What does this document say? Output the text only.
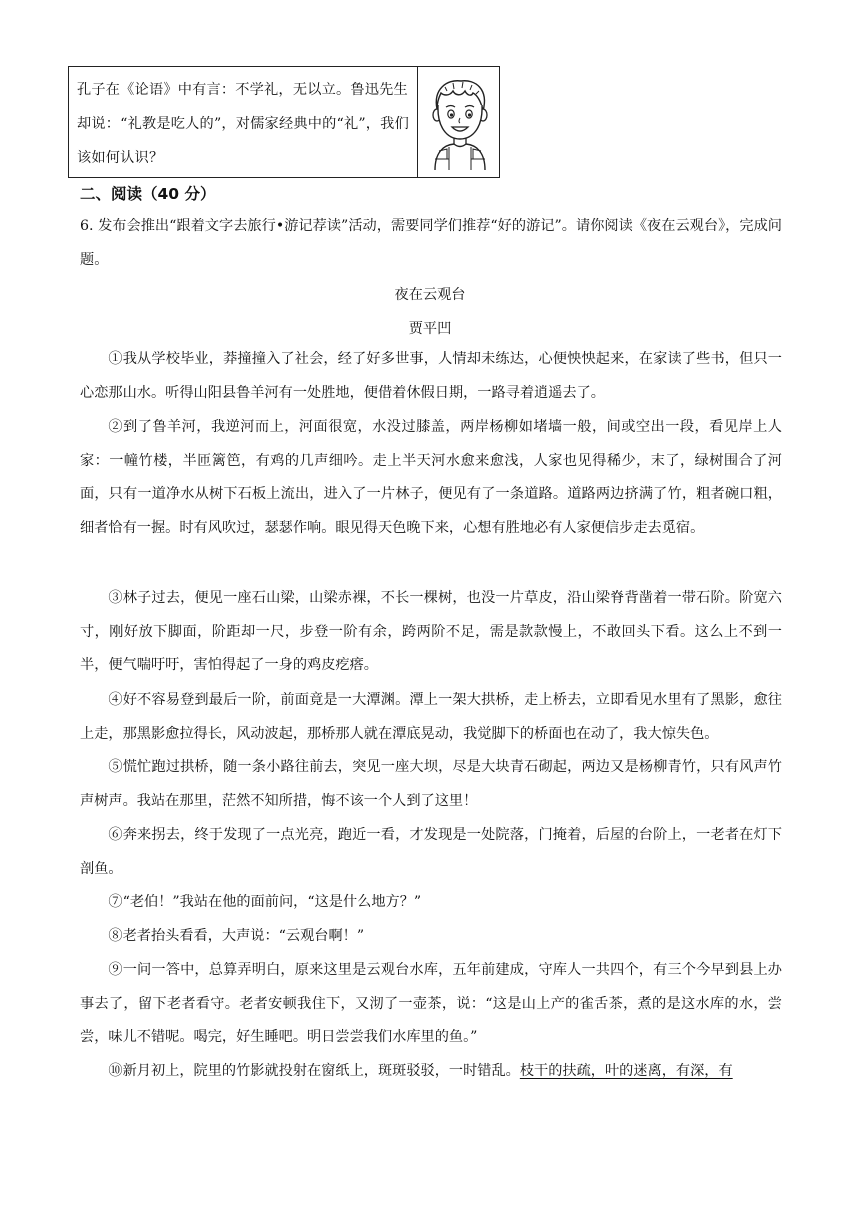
孔子在《论语》中有言：不学礼，无以立。鲁迅先生却说：“礼教是吃人的”，对儒家经典中的“礼”，我们该如何认识？
二、阅读（40 分）
6. 发布会推出“跟着文字去旅行•游记荐读”活动，需要同学们推荐“好的游记”。请你阅读《夜在云观台》，完成问题。
夜在云观台
贾平凹
①我从学校毕业，莽撞撞入了社会，经了好多世事，人情却未练达，心便怏怏起来，在家读了些书，但只一心恋那山水。听得山阳县鲁羊河有一处胜地，便借着休假日期，一路寻着逍遥去了。
②到了鲁羊河，我逆河而上，河面很宽，水没过膝盖，两岸杨柳如堵墙一般，间或空出一段，看见岸上人家：一幢竹楼，半匝篱笆，有鸡的几声细吟。走上半天河水愈来愈浅，人家也见得稀少，末了，绿树围合了河面，只有一道净水从树下石板上流出，进入了一片林子，便见有了一条道路。道路两边挤满了竹，粗者碗口粗，细者恰有一握。时有风吹过，瑟瑟作响。眼见得天色晚下来，心想有胜地必有人家便信步走去觅宿。
③林子过去，便见一座石山梁，山梁赤裸，不长一棵树，也没一片草皮，沿山梁脊背凿着一带石阶。阶宽六寸，刚好放下脚面，阶距却一尺，步登一阶有余，跨两阶不足，需是款款慢上，不敢回头下看。这么上不到一半，便气喘吁吁，害怕得起了一身的鸡皮疙瘩。
④好不容易登到最后一阶，前面竟是一大潭渊。潭上一架大拱桥，走上桥去，立即看见水里有了黑影，愈往上走，那黑影愈拉得长，风动波起，那桥那人就在潭底晃动，我觉脚下的桥面也在动了，我大惊失色。
⑤慌忙跑过拱桥，随一条小路往前去，突见一座大坝，尽是大块青石砌起，两边又是杨柳青竹，只有风声竹声树声。我站在那里，茫然不知所措，悔不该一个人到了这里！
⑥奔来拐去，终于发现了一点光亮，跑近一看，才发现是一处院落，门掩着，后屋的台阶上，一老者在灯下剖鱼。
⑦“老伯！”我站在他的面前问，“这是什么地方？”
⑧老者抬头看看，大声说：“云观台啊！”
⑨一问一答中，总算弄明白，原来这里是云观台水库，五年前建成，守库人一共四个，有三个今早到县上办事去了，留下老者看守。老者安顿我住下，又沏了一壶茶，说：“这是山上产的雀舌茶，煮的是这水库的水，尝尝，味儿不错呢。喝完，好生睡吧。明日尝尝我们水库里的鱼。”
⑩新月初上，院里的竹影就投射在窗纸上，斑斑驳驳，一时错乱。枝干的扶疏，叶的迷离，有深，有
